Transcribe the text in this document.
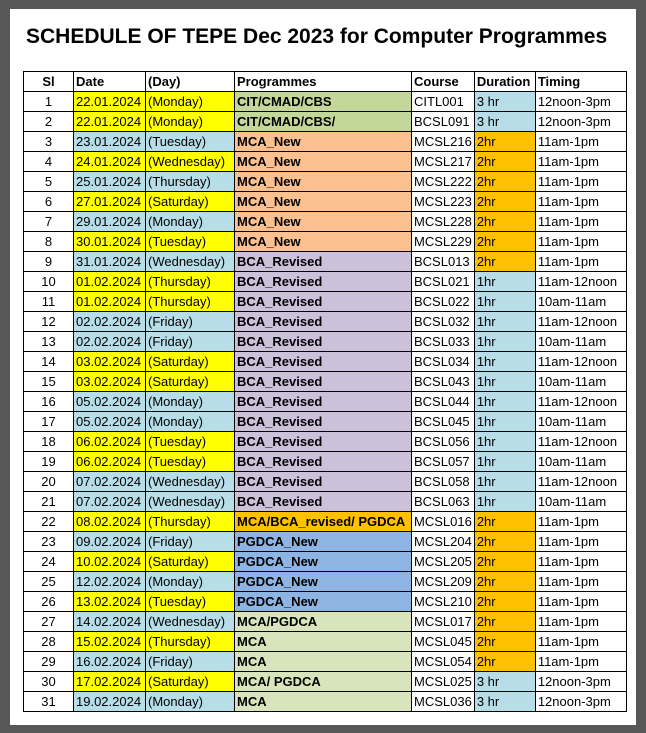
SCHEDULE OF TEPE Dec 2023 for Computer Programmes
Sl	Date	(Day)	Programmes	Course	Duration	Timing
1	22.01.2024	(Monday)	CIT/CMAD/CBS	CITL001	3 hr	12noon-3pm
2	22.01.2024	(Monday)	CIT/CMAD/CBS/	BCSL091	3 hr	12noon-3pm
3	23.01.2024	(Tuesday)	MCA_New	MCSL216	2hr	11am-1pm
4	24.01.2024	(Wednesday)	MCA_New	MCSL217	2hr	11am-1pm
5	25.01.2024	(Thursday)	MCA_New	MCSL222	2hr	11am-1pm
6	27.01.2024	(Saturday)	MCA_New	MCSL223	2hr	11am-1pm
7	29.01.2024	(Monday)	MCA_New	MCSL228	2hr	11am-1pm
8	30.01.2024	(Tuesday)	MCA_New	MCSL229	2hr	11am-1pm
9	31.01.2024	(Wednesday)	BCA_Revised	BCSL013	2hr	11am-1pm
10	01.02.2024	(Thursday)	BCA_Revised	BCSL021	1hr	11am-12noon
11	01.02.2024	(Thursday)	BCA_Revised	BCSL022	1hr	10am-11am
12	02.02.2024	(Friday)	BCA_Revised	BCSL032	1hr	11am-12noon
13	02.02.2024	(Friday)	BCA_Revised	BCSL033	1hr	10am-11am
14	03.02.2024	(Saturday)	BCA_Revised	BCSL034	1hr	11am-12noon
15	03.02.2024	(Saturday)	BCA_Revised	BCSL043	1hr	10am-11am
16	05.02.2024	(Monday)	BCA_Revised	BCSL044	1hr	11am-12noon
17	05.02.2024	(Monday)	BCA_Revised	BCSL045	1hr	10am-11am
18	06.02.2024	(Tuesday)	BCA_Revised	BCSL056	1hr	11am-12noon
19	06.02.2024	(Tuesday)	BCA_Revised	BCSL057	1hr	10am-11am
20	07.02.2024	(Wednesday)	BCA_Revised	BCSL058	1hr	11am-12noon
21	07.02.2024	(Wednesday)	BCA_Revised	BCSL063	1hr	10am-11am
22	08.02.2024	(Thursday)	MCA/BCA_revised/ PGDCA	MCSL016	2hr	11am-1pm
23	09.02.2024	(Friday)	PGDCA_New	MCSL204	2hr	11am-1pm
24	10.02.2024	(Saturday)	PGDCA_New	MCSL205	2hr	11am-1pm
25	12.02.2024	(Monday)	PGDCA_New	MCSL209	2hr	11am-1pm
26	13.02.2024	(Tuesday)	PGDCA_New	MCSL210	2hr	11am-1pm
27	14.02.2024	(Wednesday)	MCA/PGDCA	MCSL017	2hr	11am-1pm
28	15.02.2024	(Thursday)	MCA	MCSL045	2hr	11am-1pm
29	16.02.2024	(Friday)	MCA	MCSL054	2hr	11am-1pm
30	17.02.2024	(Saturday)	MCA/ PGDCA	MCSL025	3 hr	12noon-3pm
31	19.02.2024	(Monday)	MCA	MCSL036	3 hr	12noon-3pm
